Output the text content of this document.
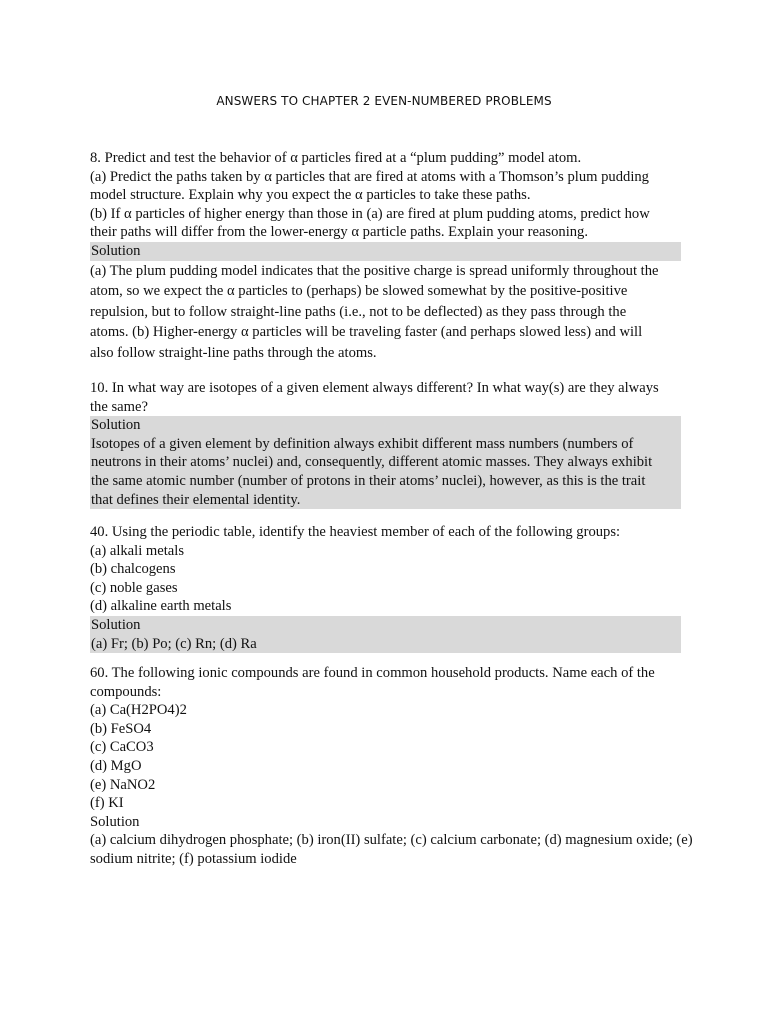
ANSWERS TO CHAPTER 2 EVEN-NUMBERED PROBLEMS

8. Predict and test the behavior of α particles fired at a “plum pudding” model atom.

(a) Predict the paths taken by α particles that are fired at atoms with a Thomson’s plum pudding

model structure. Explain why you expect the α particles to take these paths.

(b) If α particles of higher energy than those in (a) are fired at plum pudding atoms, predict how

their paths will differ from the lower-energy α particle paths. Explain your reasoning.

Solution

(a) The plum pudding model indicates that the positive charge is spread uniformly throughout the

atom, so we expect the α particles to (perhaps) be slowed somewhat by the positive-positive

repulsion, but to follow straight-line paths (i.e., not to be deflected) as they pass through the

atoms. (b) Higher-energy α particles will be traveling faster (and perhaps slowed less) and will

also follow straight-line paths through the atoms.

10. In what way are isotopes of a given element always different? In what way(s) are they always

the same?

Solution

Isotopes of a given element by definition always exhibit different mass numbers (numbers of

neutrons in their atoms’ nuclei) and, consequently, different atomic masses. They always exhibit

the same atomic number (number of protons in their atoms’ nuclei), however, as this is the trait

that defines their elemental identity.

40. Using the periodic table, identify the heaviest member of each of the following groups:

(a) alkali metals

(b) chalcogens

(c) noble gases

(d) alkaline earth metals

Solution

(a) Fr; (b) Po; (c) Rn; (d) Ra

60. The following ionic compounds are found in common household products. Name each of the

compounds:

(a) Ca(H2PO4)2

(b) FeSO4

(c) CaCO3

(d) MgO

(e) NaNO2

(f) KI

Solution

(a) calcium dihydrogen phosphate; (b) iron(II) sulfate; (c) calcium carbonate; (d) magnesium oxide; (e)

sodium nitrite; (f) potassium iodide
